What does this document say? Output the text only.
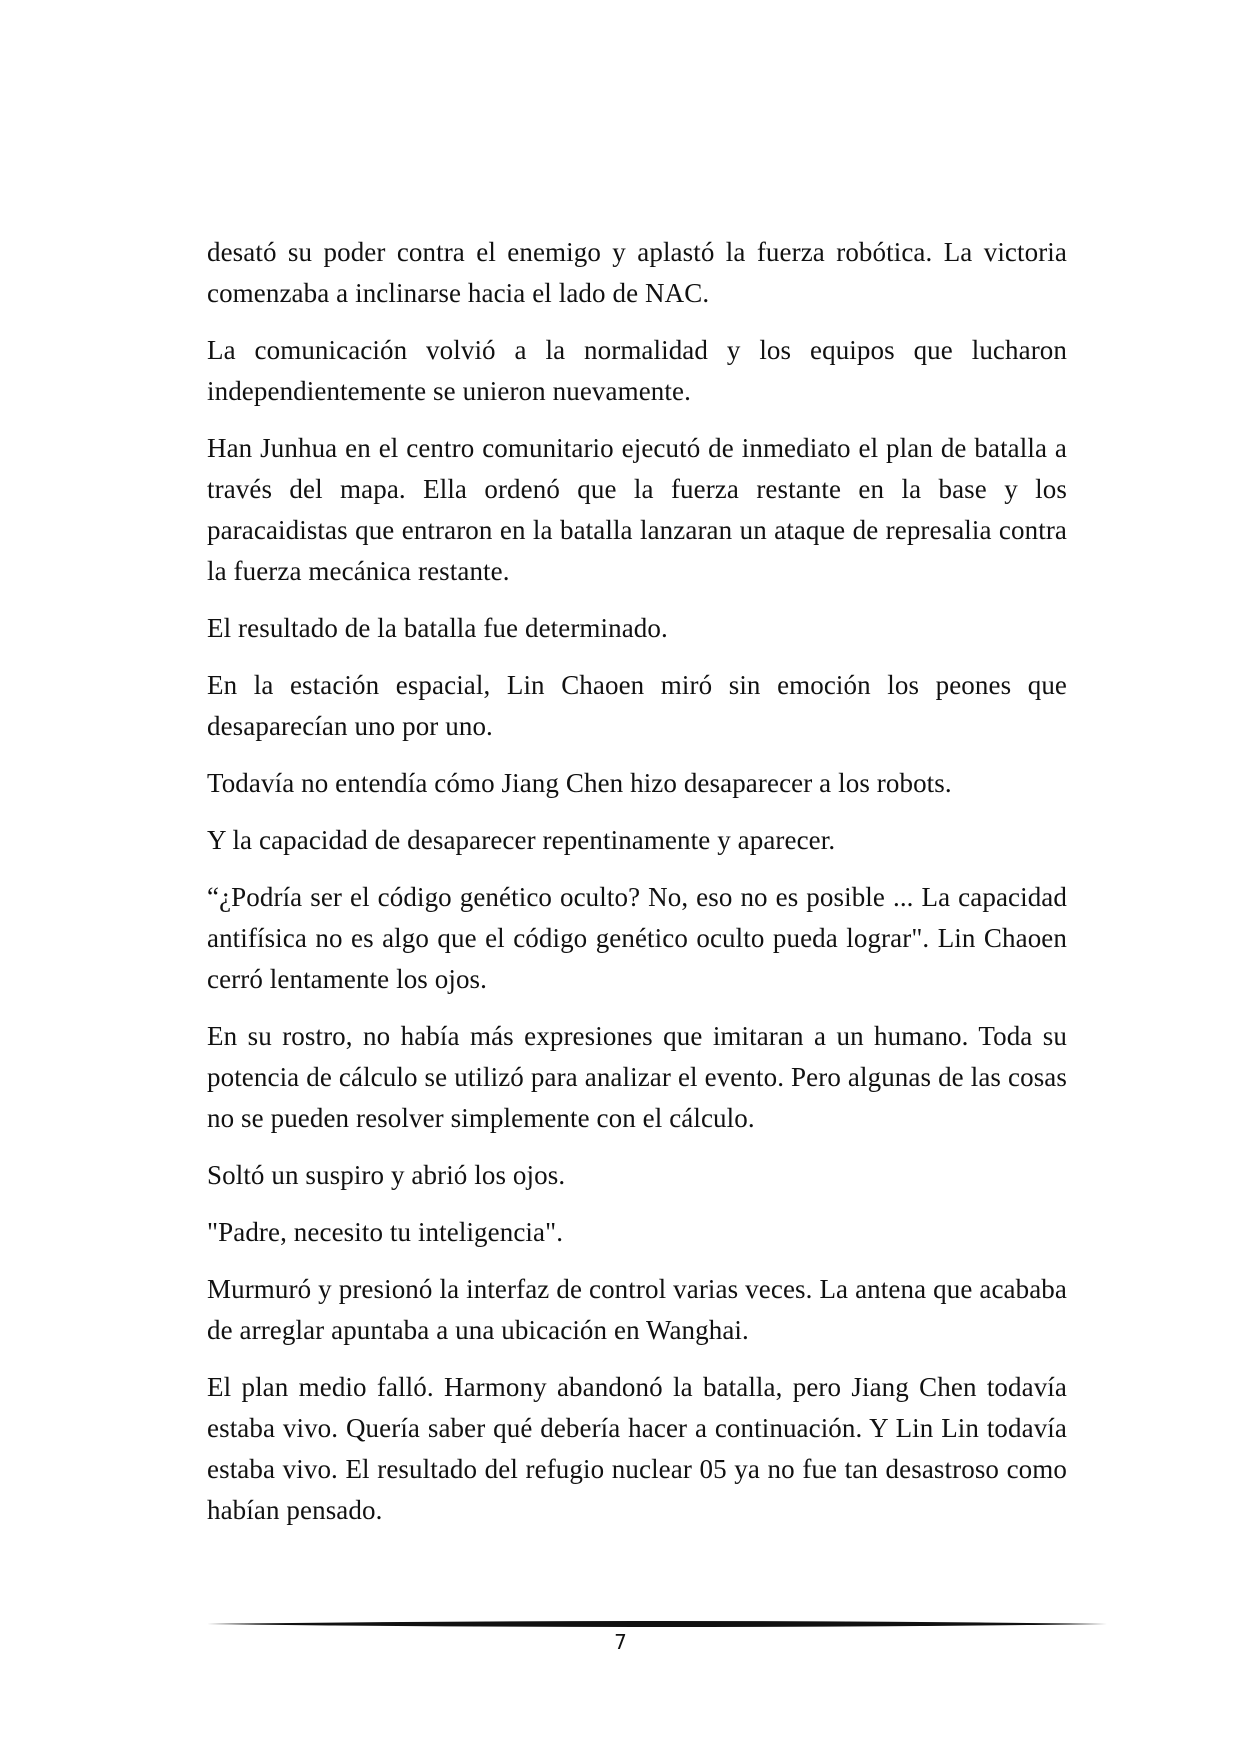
desató su poder contra el enemigo y aplastó la fuerza robótica. La victoria comenzaba a inclinarse hacia el lado de NAC.

La comunicación volvió a la normalidad y los equipos que lucharon independientemente se unieron nuevamente.

Han Junhua en el centro comunitario ejecutó de inmediato el plan de batalla a través del mapa. Ella ordenó que la fuerza restante en la base y los paracaidistas que entraron en la batalla lanzaran un ataque de represalia contra la fuerza mecánica restante.

El resultado de la batalla fue determinado.

En la estación espacial, Lin Chaoen miró sin emoción los peones que desaparecían uno por uno.

Todavía no entendía cómo Jiang Chen hizo desaparecer a los robots.

Y la capacidad de desaparecer repentinamente y aparecer.

“¿Podría ser el código genético oculto? No, eso no es posible ... La capacidad antifísica no es algo que el código genético oculto pueda lograr". Lin Chaoen cerró lentamente los ojos.

En su rostro, no había más expresiones que imitaran a un humano. Toda su potencia de cálculo se utilizó para analizar el evento. Pero algunas de las cosas no se pueden resolver simplemente con el cálculo.

Soltó un suspiro y abrió los ojos.

"Padre, necesito tu inteligencia".

Murmuró y presionó la interfaz de control varias veces. La antena que acababa de arreglar apuntaba a una ubicación en Wanghai.

El plan medio falló. Harmony abandonó la batalla, pero Jiang Chen todavía estaba vivo. Quería saber qué debería hacer a continuación. Y Lin Lin todavía estaba vivo. El resultado del refugio nuclear 05 ya no fue tan desastroso como habían pensado.

7
